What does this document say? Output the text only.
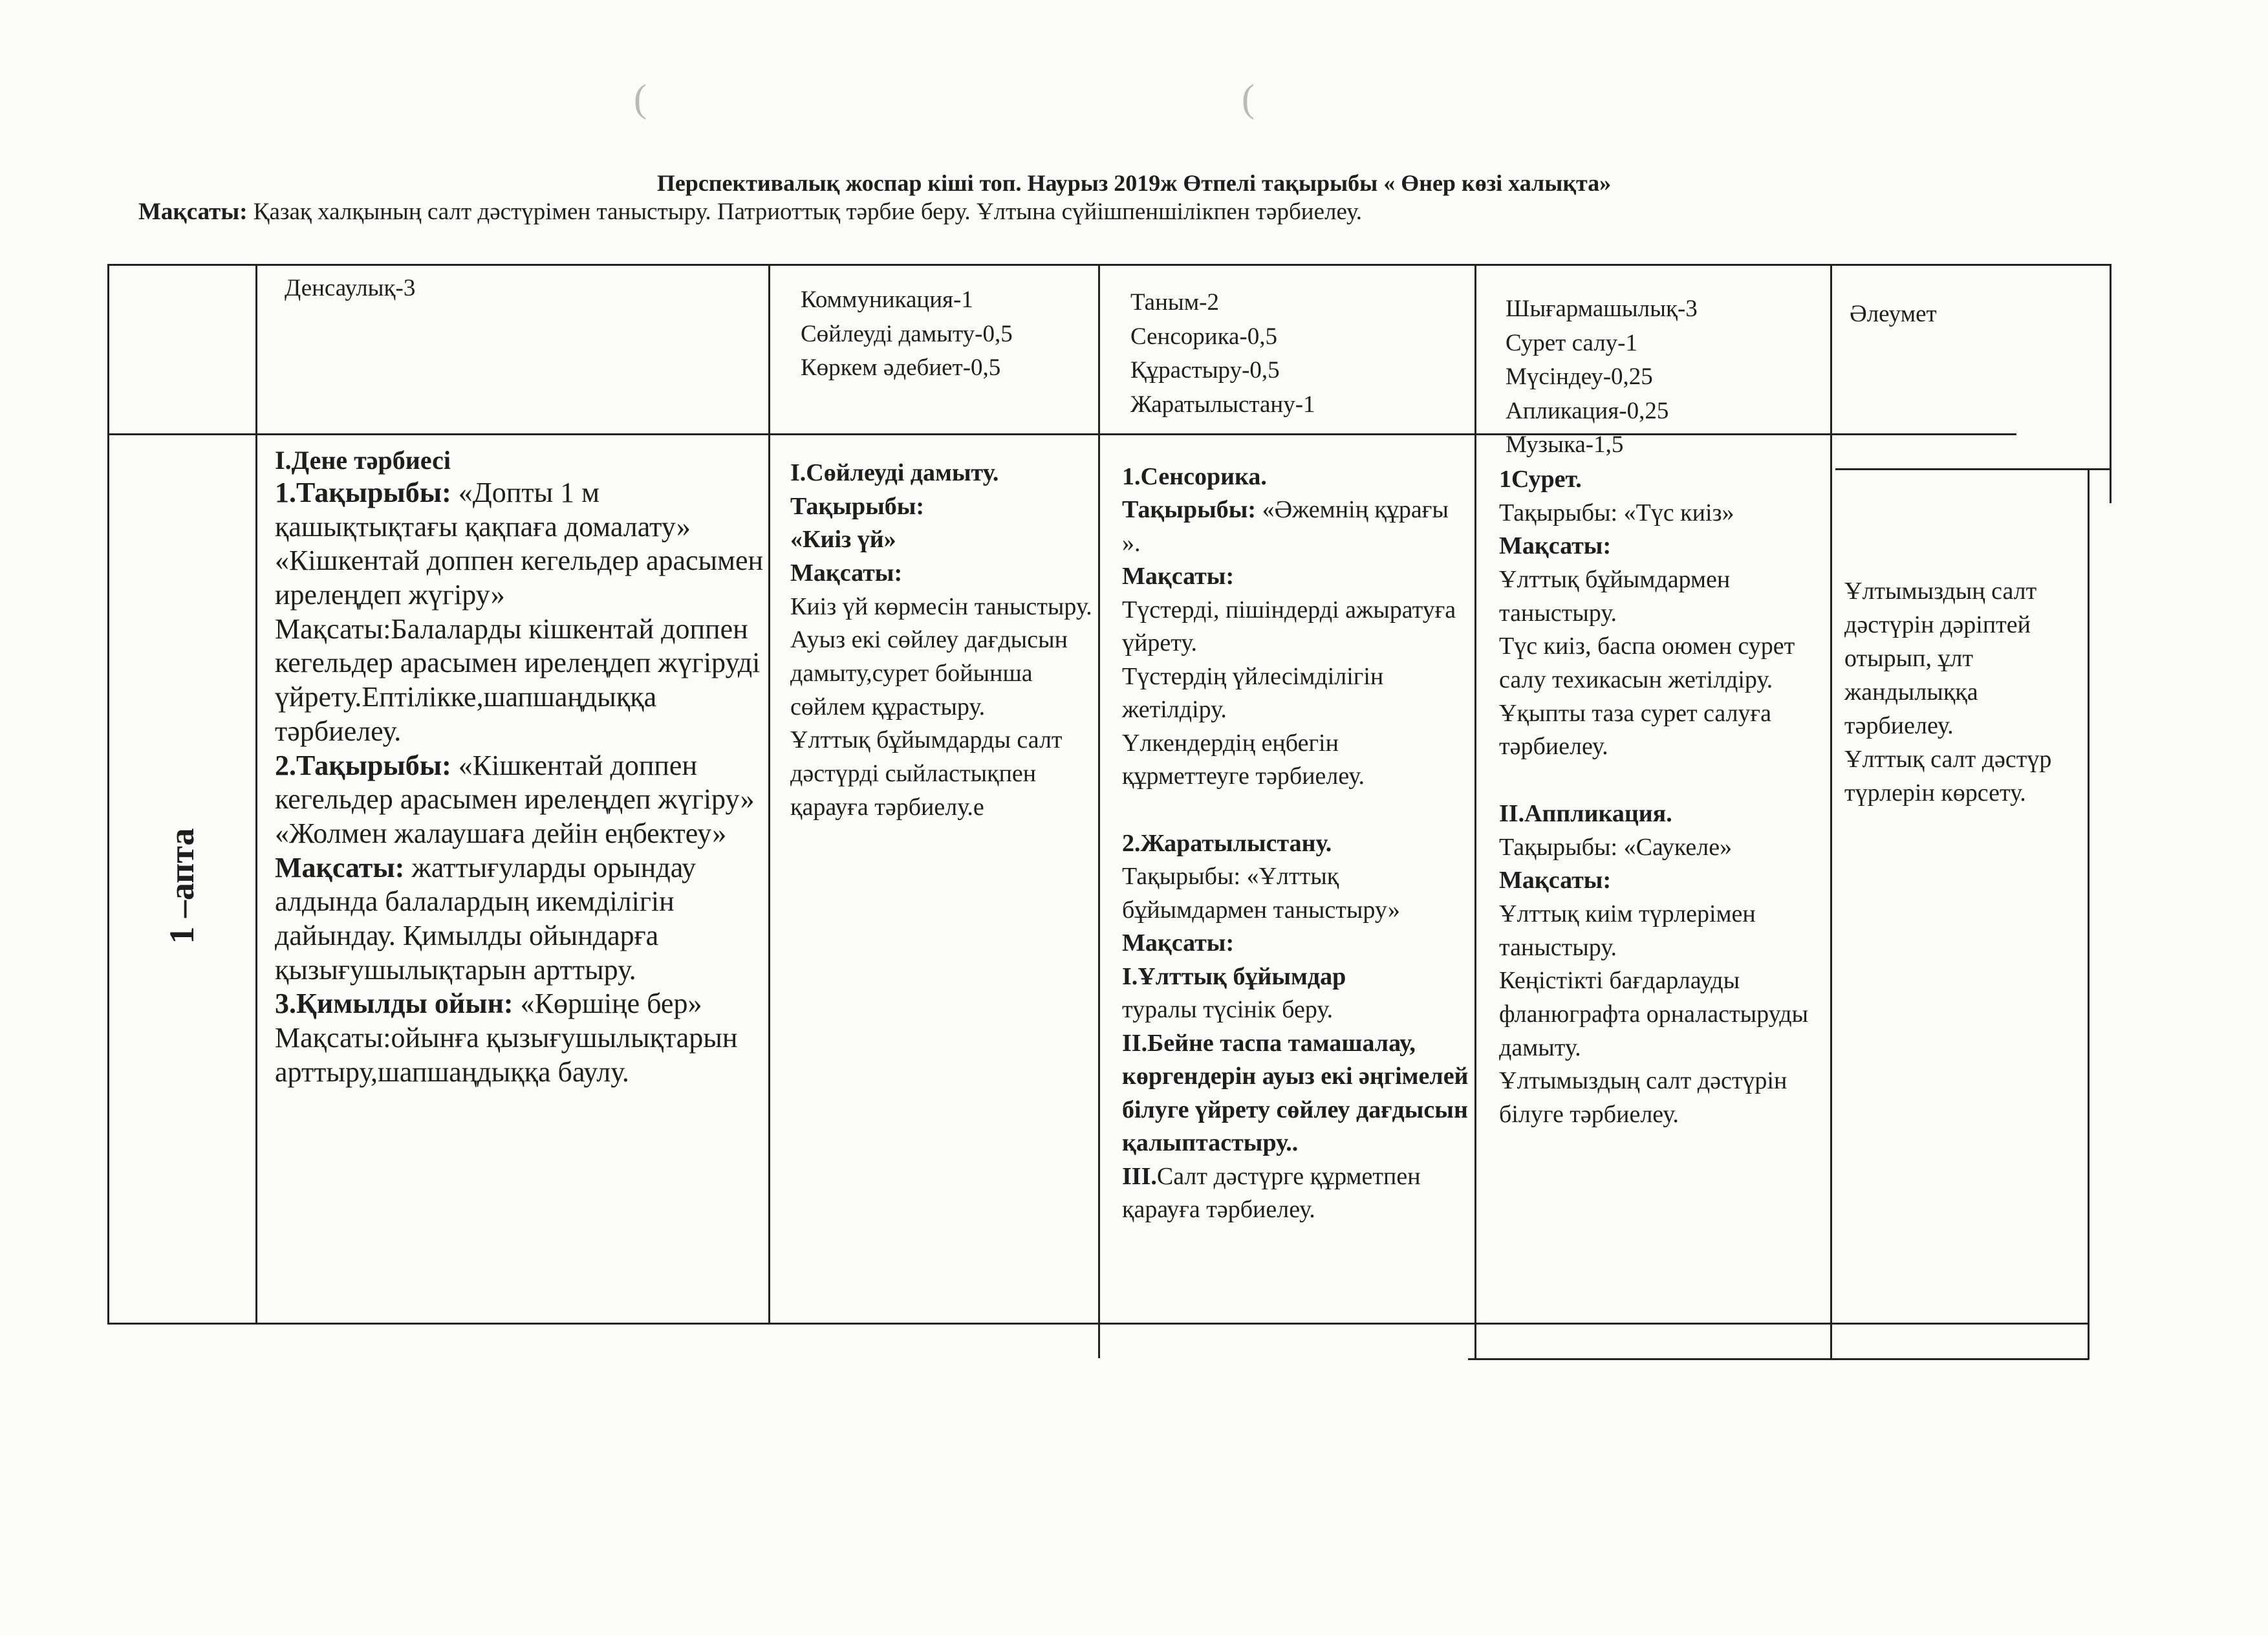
(	(
Перспективалық жоспар кіші топ. Наурыз 2019ж Өтпелі тақырыбы « Өнер көзі халықта»
Мақсаты: Қазақ халқының салт дәстүрімен таныстыру. Патриоттық тәрбие беру. Ұлтына сүйішпеншілікпен тәрбиелеу.

Денсаулық-3	Коммуникация-1

Сөйлеуді дамыту-0,5

Көркем әдебиет-0,5

Таным-2

Сенсорика-0,5

Құрастыру-0,5

Жаратылыстану-1

Шығармашылық-3

Сурет салу-1

Мүсіндеу-0,25

Апликация-0,25

Музыка-1,5

Әлеумет

1 –апта

I.Дене тәрбиесі

1.Тақырыбы: «Допты 1 м қашықтықтағы қақпаға домалату» «Кішкентай доппен кегельдер арасымен ирелеңдеп жүгіру»

Мақсаты:Балаларды кішкентай доппен кегельдер арасымен ирелеңдеп жүгіруді үйрету.Ептілікке,шапшаңдыққа тәрбиелеу.

2.Тақырыбы: «Кішкентай доппен кегельдер арасымен ирелеңдеп жүгіру» «Жолмен жалаушаға дейін еңбектеу»

Мақсаты: жаттығуларды орындау алдында балалардың икемділігін дайындау. Қимылды ойындарға қызығушылықтарын арттыру.

3.Қимылды ойын: «Көршіңе бер»

Мақсаты:ойынға қызығушылықтарын арттыру,шапшаңдыққа баулу.

I.Сөйлеуді дамыту.

Тақырыбы:

«Киіз үй»

Мақсаты:

Киіз үй көрмесін таныстыру.

Ауыз екі сөйлеу дағдысын дамыту,сурет бойынша сөйлем құрастыру.

Ұлттық бұйымдарды салт дәстүрді сыйластықпен қарауға тәрбиелу.е

1.Сенсорика.

Тақырыбы: «Әжемнің құрағы ».

Мақсаты:

Түстерді, пішіндерді ажыратуға үйрету.

Түстердің үйлесімділігін жетілдіру.

Үлкендердің еңбегін құрметтеуге тәрбиелеу.

2.Жаратылыстану.

Тақырыбы: «Ұлттық бұйымдармен таныстыру»

Мақсаты:

I.Ұлттық бұйымдар

туралы түсінік беру.

II.Бейне таспа тамашалау, көргендерін ауыз екі әңгімелей білуге үйрету сөйлеу дағдысын қалыптастыру..

III.Салт дәстүрге құрметпен қарауға тәрбиелеу.

1Сурет.

Тақырыбы: «Түс киіз»

Мақсаты:

Ұлттық бұйымдармен таныстыру.

Түс киіз, баспа оюмен сурет салу техикасын жетілдіру.

Ұқыпты таза сурет салуға тәрбиелеу.

II.Аппликация.

Тақырыбы: «Саукеле»

Мақсаты:

Ұлттық киім түрлерімен таныстыру.

Кеңістікті бағдарлауды фланюграфта орналастыруды дамыту.

Ұлтымыздың салт дәстүрін білуге тәрбиелеу.

Ұлтымыздың салт дәстүрін дәріптей отырып, ұлт жандылыққа тәрбиелеу.

Ұлттық салт дәстүр түрлерін көрсету.
